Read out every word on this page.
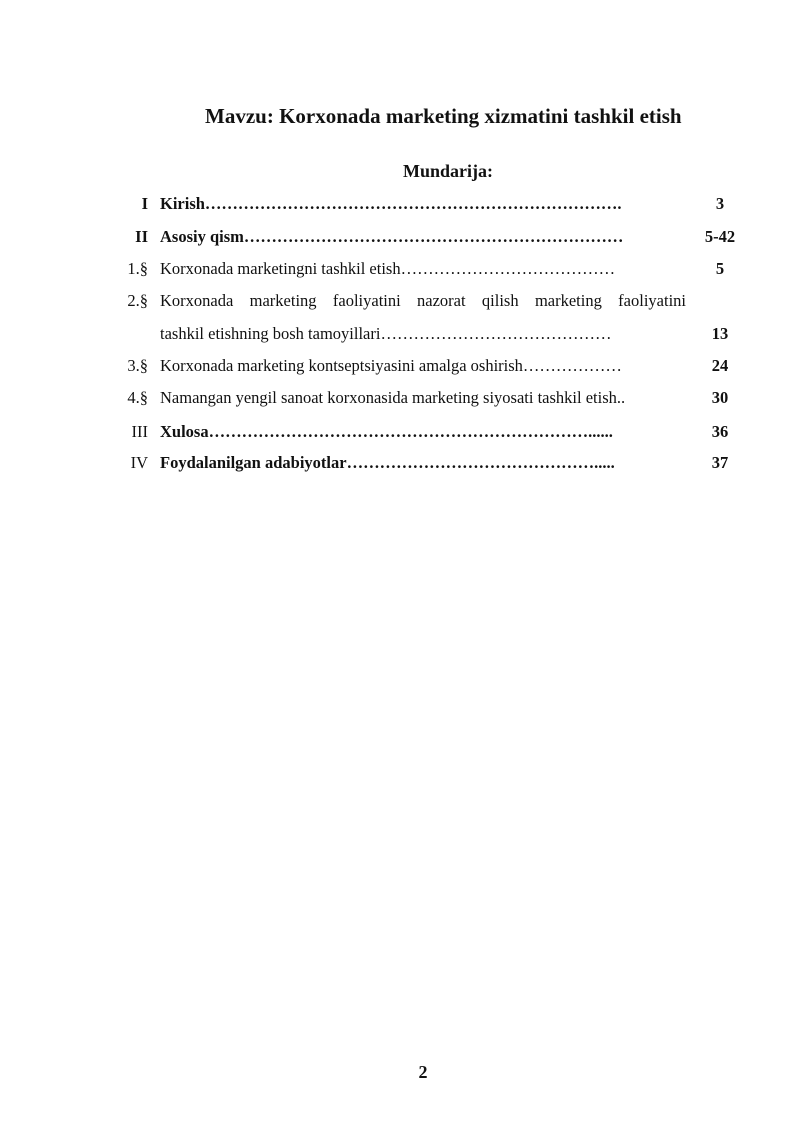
Mavzu: Korxonada marketing xizmatini tashkil etish
Mundarija:
I Kirish………………………………………………………………….	3
II Asosiy qism……………………………………………………………	5-42
1.§ Korxonada marketingni tashkil etish…………………………………	5
2.§ Korxonada marketing faoliyatini nazorat qilish marketing faoliyatini
tashkil etishning bosh tamoyillari……………………………………	13
3.§ Korxonada marketing kontseptsiyasini amalga oshirish………………	24
4.§ Namangan yengil sanoat korxonasida marketing siyosati tashkil etish..	30
III Xulosa……………………………………………………………......	36
IV Foydalanilgan adabiyotlar……………………………………….....	37
2
